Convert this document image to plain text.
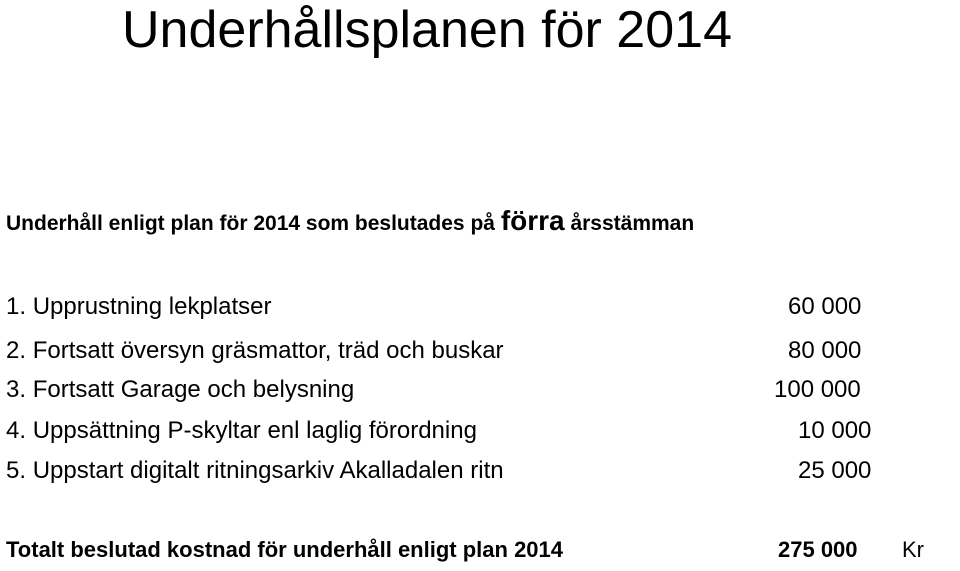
Underhållsplanen för 2014
Underhåll enligt plan för 2014 som beslutades på förra årsstämman
1. Upprustning lekplatser	60 000
2. Fortsatt översyn gräsmattor, träd och buskar	80 000
3. Fortsatt Garage och belysning	100 000
4. Uppsättning P-skyltar enl laglig förordning	10 000
5. Uppstart digitalt ritningsarkiv Akalladalen ritn	25 000
Totalt beslutad kostnad för underhåll enligt plan 2014	275 000 Kr
